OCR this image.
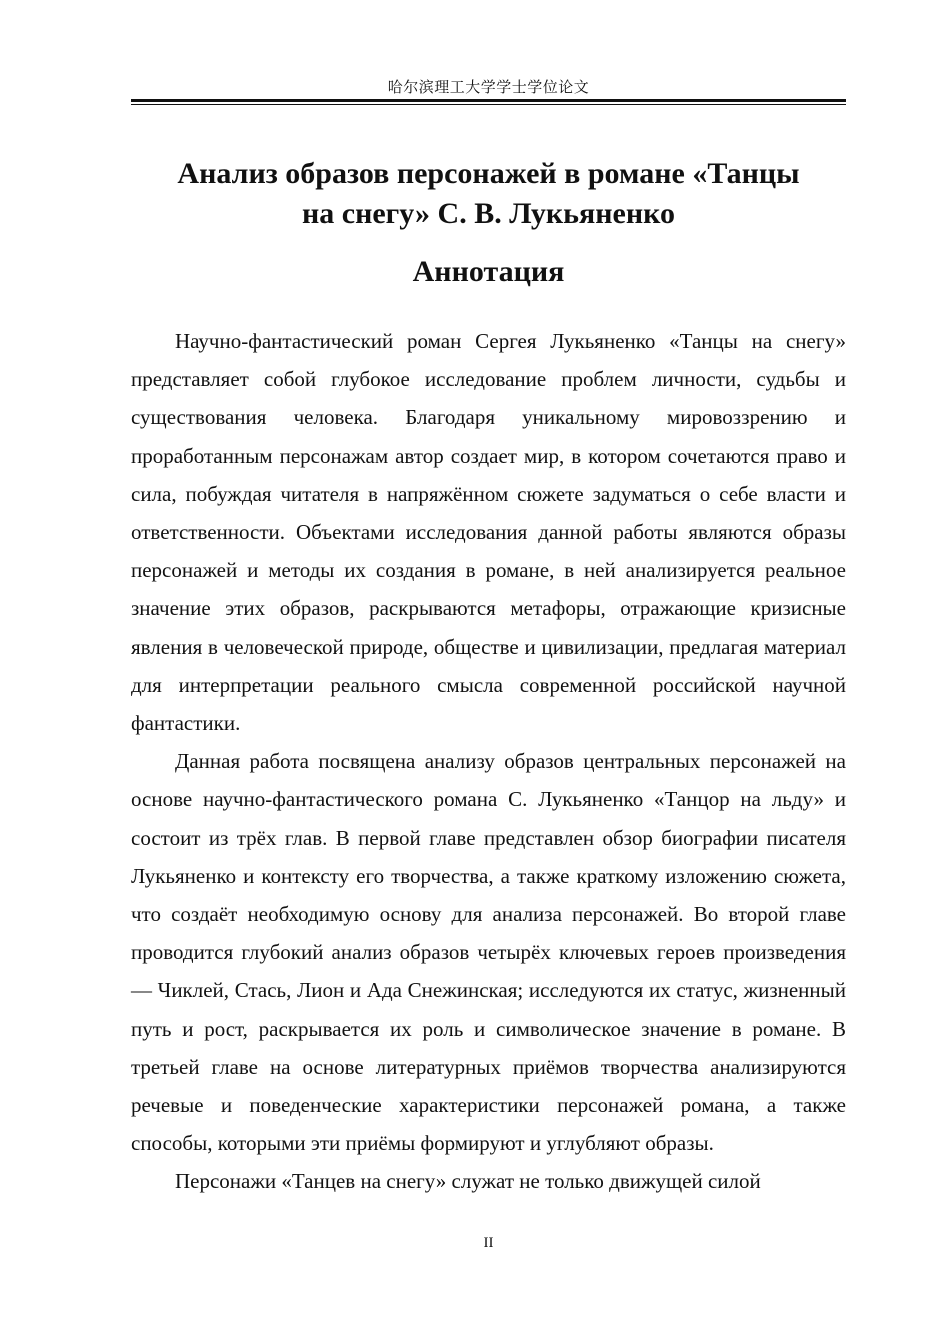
哈尔滨理工大学学士学位论文
Анализ образов персонажей в романе «Танцы
на снегу» С. В. Лукьяненко
Аннотация

Научно-фантастический роман Сергея Лукьяненко «Танцы на снегу» представляет собой глубокое исследование проблем личности, судьбы и существования человека. Благодаря уникальному мировоззрению и проработанным персонажам автор создает мир, в котором сочетаются право и сила, побуждая читателя в напряжённом сюжете задуматься о себе власти и ответственности. Объектами исследования данной работы являются образы персонажей и методы их создания в романе, в ней анализируется реальное значение этих образов, раскрываются метафоры, отражающие кризисные явления в человеческой природе, обществе и цивилизации, предлагая материал для интерпретации реального смысла современной российской научной фантастики.

Данная работа посвящена анализу образов центральных персонажей на основе научно-фантастического романа С. Лукьяненко «Танцор на льду» и состоит из трёх глав. В первой главе представлен обзор биографии писателя Лукьяненко и контексту его творчества, а также краткому изложению сюжета, что создаёт необходимую основу для анализа персонажей. Во второй главе проводится глубокий анализ образов четырёх ключевых героев произведения — Чиклей, Стась, Лион и Ада Снежинская; исследуются их статус, жизненный путь и рост, раскрывается их роль и символическое значение в романе. В третьей главе на основе литературных приёмов творчества анализируются речевые и поведенческие характеристики персонажей романа, а также способы, которыми эти приёмы формируют и углубляют образы.

Персонажи «Танцев на снегу» служат не только движущей силой

II
